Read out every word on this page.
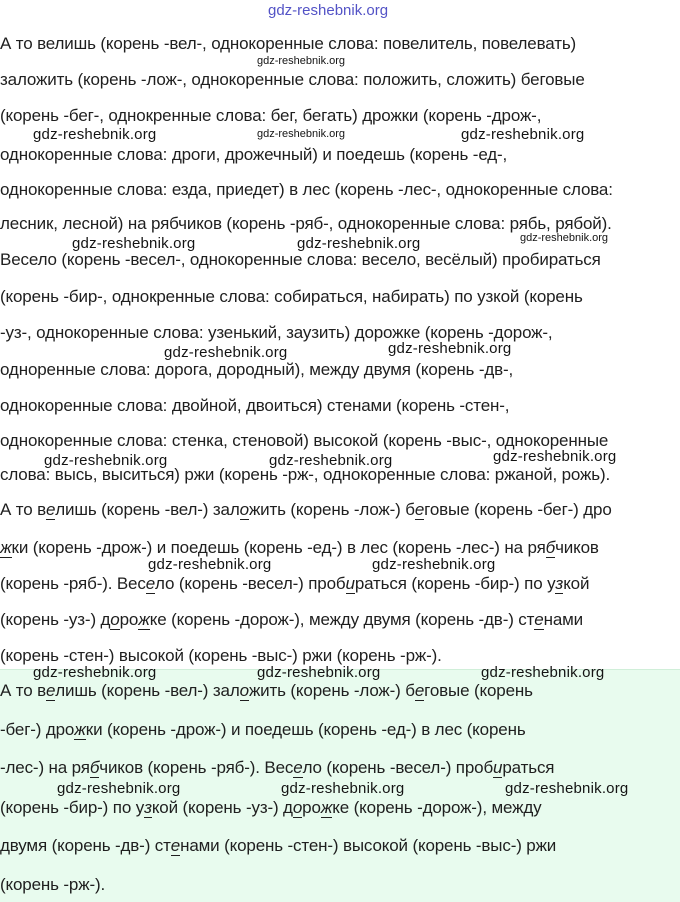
А то велишь (корень -вел-, однокоренные слова: повелитель, повелевать)
заложить (корень -лож-, однокоренные слова: положить, сложить) беговые
(корень -бег-, однокренные слова: бег, бегать) дрожки (корень -дрож-,
однокоренные слова: дроги, дрожечный) и поедешь (корень -ед-,
однокоренные слова: езда, приедет) в лес (корень -лес-, однокоренные слова:
лесник, лесной) на рябчиков (корень -ряб-, однокоренные слова: рябь, рябой).
Весело (корень -весел-, однокоренные слова: весело, весёлый) пробираться
(корень -бир-, однокренные слова: собираться, набирать) по узкой (корень
-уз-, однокоренные слова: узенький, заузить) дорожке (корень -дорож-,
одноренные слова: дорога, дородный), между двумя (корень -дв-,
однокоренные слова: двойной, двоиться) стенами (корень -стен-,
однокоренные слова: стенка, стеновой) высокой (корень -выс-, однокоренные
слова: высь, выситься) ржи (корень -рж-, однокоренные слова: ржаной, рожь).
А то велишь (корень -вел-) заложить (корень -лож-) беговые (корень -бег-) дро
жки (корень -дрож-) и поедешь (корень -ед-) в лес (корень -лес-) на рябчиков
(корень -ряб-). Весело (корень -весел-) пробираться (корень -бир-) по узкой
(корень -уз-) дорожке (корень -дорож-), между двумя (корень -дв-) стенами
(корень -стен-) высокой (корень -выс-) ржи (корень -рж-).
А то велишь (корень -вел-) заложить (корень -лож-) беговые (корень
-бег-) дрожки (корень -дрож-) и поедешь (корень -ед-) в лес (корень
-лес-) на рябчиков (корень -ряб-). Весело (корень -весел-) пробираться
(корень -бир-) по узкой (корень -уз-) дорожке (корень -дорож-), между
двумя (корень -дв-) стенами (корень -стен-) высокой (корень -выс-) ржи
(корень -рж-).
gdz-reshebnik.org
gdz-reshebnik.org
gdz-reshebnik.org	gdz-reshebnik.org	gdz-reshebnik.org
gdz-reshebnik.org	gdz-reshebnik.org	gdz-reshebnik.org
gdz-reshebnik.org
gdz-reshebnik.org
gdz-reshebnik.org	gdz-reshebnik.org	gdz-reshebnik.org
gdz-reshebnik.org	gdz-reshebnik.org
gdz-reshebnik.org	gdz-reshebnik.org	gdz-reshebnik.org
gdz-reshebnik.org	gdz-reshebnik.org	gdz-reshebnik.org
